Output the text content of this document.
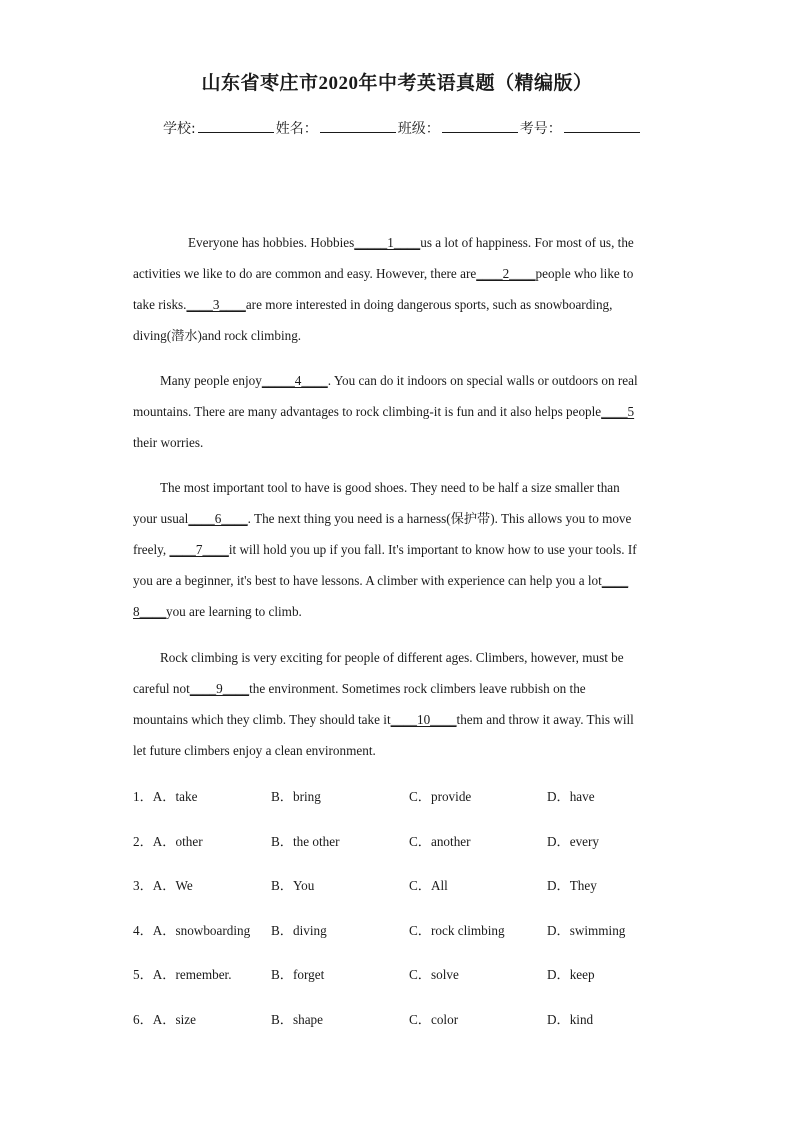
山东省枣庄市2020年中考英语真题（精编版）
学校:	姓名：	班级：	考号：

Everyone has hobbies. Hobbies_____1____us a lot of happiness. For most of us, the

activities we like to do are common and easy. However, there are____2____people who like to

take risks.____3____are more interested in doing dangerous sports, such as snowboarding,

diving(潜水)and rock climbing.

Many people enjoy_____4____. You can do it indoors on special walls or outdoors on real

mountains. There are many advantages to rock climbing-it is fun and it also helps people____5

their worries.

The most important tool to have is good shoes. They need to be half a size smaller than

your usual____6____. The next thing you need is a harness(保护带). This allows you to move

freely, ____7____it will hold you up if you fall. It's important to know how to use your tools. If

you are a beginner, it's best to have lessons. A climber with experience can help you a lot____

8____you are learning to climb.

Rock climbing is very exciting for people of different ages. Climbers, however, must be

careful not____9____the environment. Sometimes rock climbers leave rubbish on the

mountains which they climb. They should take it____10____them and throw it away. This will

let future climbers enjoy a clean environment.

1．A．take	B．bring	C．provide	D．have
2．A．other	B．the other	C．another	D．every
3．A．We	B．You	C．All	D．They
4．A．snowboarding	B．diving	C．rock climbing	D．swimming
5．A．remember.	B．forget	C．solve	D．keep
6．A．size	B．shape	C．color	D．kind
